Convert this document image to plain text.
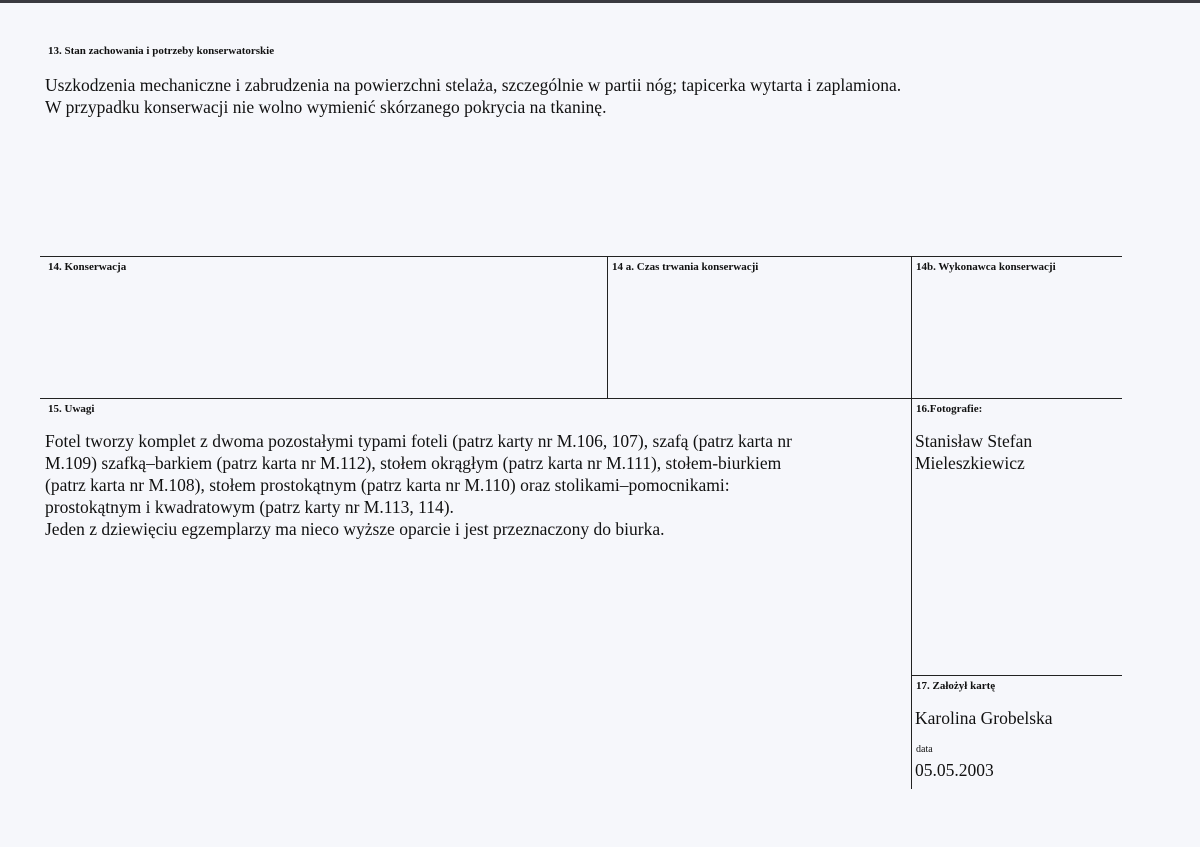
13. Stan zachowania i potrzeby konserwatorskie
Uszkodzenia mechaniczne i zabrudzenia na powierzchni stelaża, szczególnie w partii nóg; tapicerka wytarta i zaplamiona.
W przypadku konserwacji nie wolno wymienić skórzanego pokrycia na tkaninę.
14. Konserwacja	14 a. Czas trwania konserwacji	14b. Wykonawca konserwacji
15. Uwagi
Fotel tworzy komplet z dwoma pozostałymi typami foteli (patrz karty nr M.106, 107), szafą (patrz karta nr
M.109) szafką–barkiem (patrz karta nr M.112), stołem okrągłym (patrz karta nr M.111), stołem-biurkiem
(patrz karta nr M.108), stołem prostokątnym (patrz karta nr M.110) oraz stolikami–pomocnikami:
prostokątnym i kwadratowym (patrz karty nr M.113, 114).
Jeden z dziewięciu egzemplarzy ma nieco wyższe oparcie i jest przeznaczony do biurka.
16.Fotografie:
Stanisław Stefan
Mieleszkiewicz
17. Założył kartę
Karolina Grobelska
data
05.05.2003
